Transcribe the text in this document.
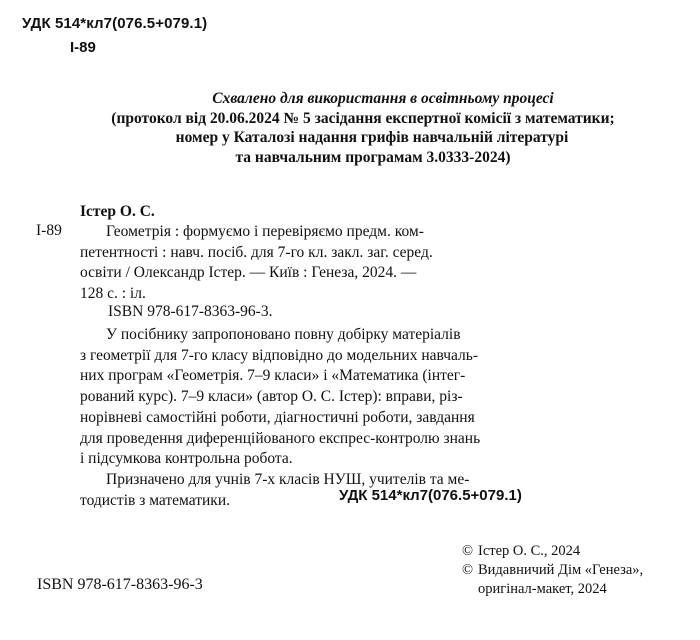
УДК 514*кл7(076.5+079.1)
І-89
Схвалено для використання в освітньому процесі
(протокол від 20.06.2024 № 5 засідання експертної комісії з математики;
номер у Каталозі надання грифів навчальній літературі
та навчальним програмам 3.0333-2024)
Істер О. С.
І-89	Геометрія : формуємо і перевіряємо предм. ком-
петентності : навч. посіб. для 7-го кл. закл. заг. серед.
освіти / Олександр Істер. — Київ : Генеза, 2024. —
128 с. : іл.
ISBN 978-617-8363-96-3.
У посібнику запропоновано повну добірку матеріалів
з геометрії для 7-го класу відповідно до модельних навчаль-
них програм «Геометрія. 7–9 класи» і «Математика (інтег-
рований курс). 7–9 класи» (автор О. С. Істер): вправи, різ-
норівневі самостійні роботи, діагностичні роботи, завдання
для проведення диференційованого експрес-контролю знань
і підсумкова контрольна робота.
Призначено для учнів 7-х класів НУШ, учителів та ме-
тодистів з математики.	УДК 514*кл7(076.5+079.1)
ISBN 978-617-8363-96-3
© Істер О. С., 2024
© Видавничий Дім «Генеза»,
оригінал-макет, 2024
